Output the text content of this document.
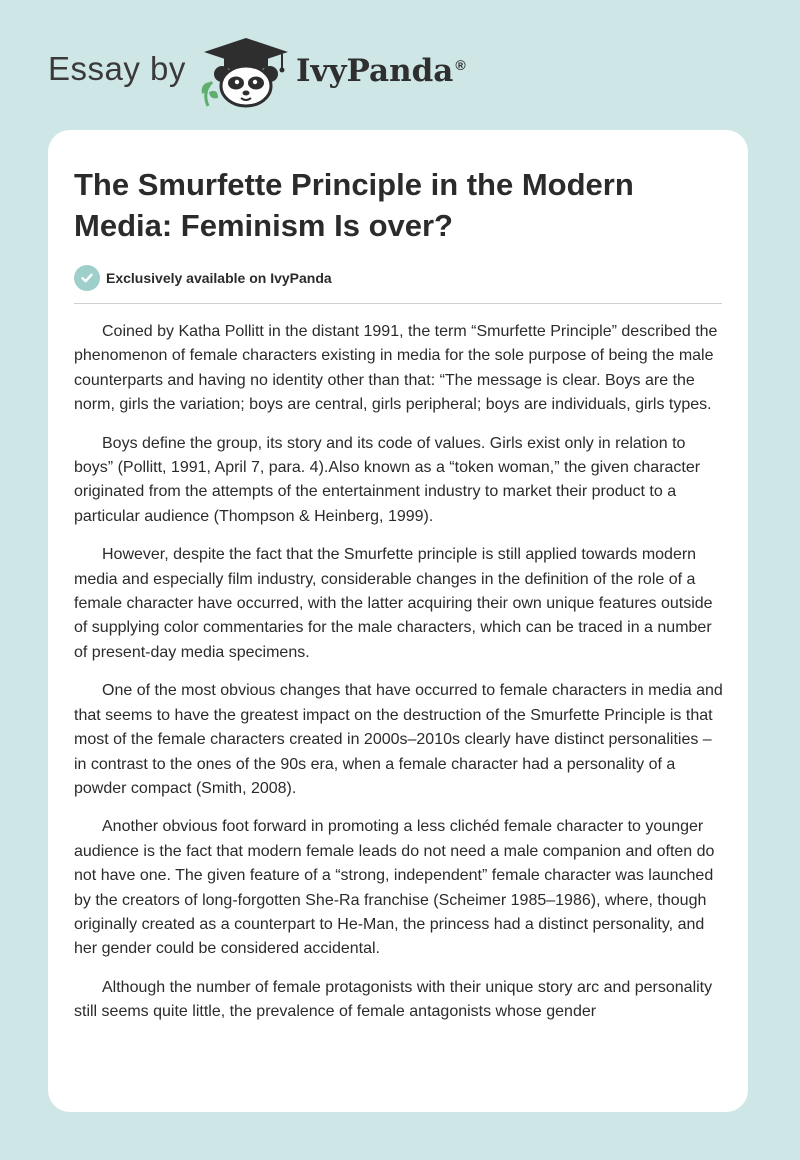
Essay by	IvyPanda ®
The Smurfette Principle in the Modern Media: Feminism Is over?
Exclusively available on IvyPanda

Coined by Katha Pollitt in the distant 1991, the term “Smurfette Principle” described the phenomenon of female characters existing in media for the sole purpose of being the male counterparts and having no identity other than that: “The message is clear. Boys are the norm, girls the variation; boys are central, girls peripheral; boys are individuals, girls types.

Boys define the group, its story and its code of values. Girls exist only in relation to boys” (Pollitt, 1991, April 7, para. 4).Also known as a “token woman,” the given character originated from the attempts of the entertainment industry to market their product to a particular audience (Thompson & Heinberg, 1999).

However, despite the fact that the Smurfette principle is still applied towards modern media and especially film industry, considerable changes in the definition of the role of a female character have occurred, with the latter acquiring their own unique features outside of supplying color commentaries for the male characters, which can be traced in a number of present-day media specimens.

One of the most obvious changes that have occurred to female characters in media and that seems to have the greatest impact on the destruction of the Smurfette Principle is that most of the female characters created in 2000s–2010s clearly have distinct personalities – in contrast to the ones of the 90s era, when a female character had a personality of a powder compact (Smith, 2008).

Another obvious foot forward in promoting a less clichéd female character to younger audience is the fact that modern female leads do not need a male companion and often do not have one. The given feature of a “strong, independent” female character was launched by the creators of long-forgotten She-Ra franchise (Scheimer 1985–1986), where, though originally created as a counterpart to He-Man, the princess had a distinct personality, and her gender could be considered accidental.

Although the number of female protagonists with their unique story arc and personality still seems quite little, the prevalence of female antagonists whose gender
